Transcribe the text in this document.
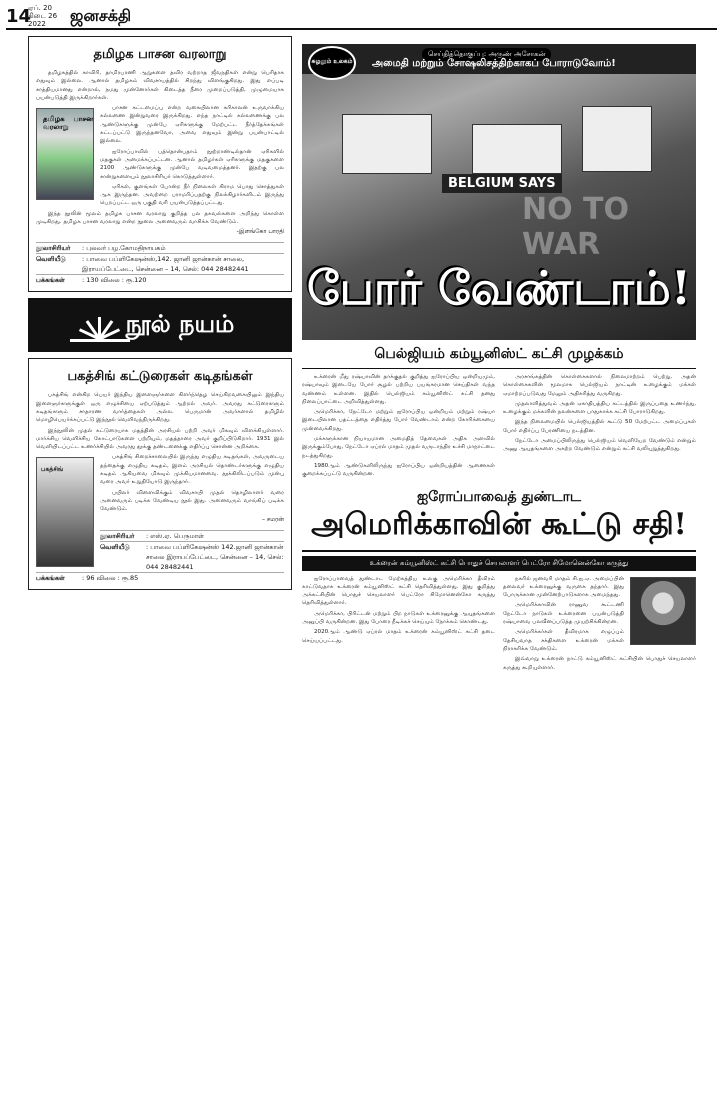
14
ஏப். 20
கிடை 26
2022	ஜனசக்தி
தமிழக பாசன வரலாறு

தமிழகத்தில் காவிரி, தாமிரபரணி ஆறுகளை தவிர வற்றாத ஜீவநதிகள் என்று பெரிதாக எதுவும் இல்லை. ஆனால் தமிழகம் விவசாயத்தில் சிறந்து விளங்குகிறது. இது எப்படி சாத்தியமானது என்றால், நமது முன்னோர்கள் கிடைத்த நீரை முறைப்படுத்தி, முழுமையாக பயன்படுத்தி இருக்கிறார்கள்.

தமிழக பாசன வரலாறு

பாசன கட்டமைப்பு என்ற வகையிலான கரிகாலன் உருவாக்கிய கல்லணை இன்றுவரை இருக்கிறது. எந்த நாட்டில் கல்லணைக்கு பல ஆண்டுகளுக்கு முன்பே ஏரிகளுக்கு மேற்பட்ட நீர்த்தேக்கங்கள் கட்டப்பட்டு இருந்தனவோ, அவை எதுவும் இன்று பயன்பாட்டில் இல்லை.

ஐரோப்பாவில் பத்தொன்பதாம் நூற்றாண்டில்தான் ஏரிகளில் மதகுகள் அமைக்கப்பட்டன. ஆனால் தமிழர்கள் ஏரிகளுக்கு மதகுகளை 2100 ஆண்டுகளுக்கு முன்பே வடிவமைத்தனர். இதற்கு பல சான்றுகளையும் நூலாசிரியர் கொடுத்துள்ளார்.

ஏரிகள், குளங்கள் போன்ற நீர் நிலைகள் கிராம பொது சொத்துகள் ஆக இருந்தன. அவற்றை பராமரிப்பதற்கு நிலக்கிழார்களிடம் இருந்து பெறப்பட்ட ஒரு பகுதி வரி பயன்படுத்தப்பட்டது.

இந்த நூலின் மூலம் தமிழக பாசன வரலாறு குறித்த பல தகவல்களை அறிந்து கொள்ள முடிகிறது. தமிழக பாசன வரலாறு என்ற நூலை அனைவரும் வாசிக்க வேண்டும்.

-இளங்கோ பாரதி
நூலாசிரியர்	: புலவர் பழ.கோமதிநாயகம்
வெளியீடு	: பாவை பப்ளிகேஷன்ஸ்,142. ஜானி ஜான்கான் சாலை, இராயப்பேட்டை, சென்னை – 14, செல்: 044 28482441
பக்கங்கள்	: 130 விலை : ரூ.120
நூல் நயம்
பகத்சிங் கட்டுரைகள் கடிதங்கள்

பகத்சிங் என்கிற பெயர் இந்திய இளைஞர்களை கிளர்ந்தெழ செய்கிறவகையிலும் இந்திய இளைஞர்களுக்குள் ஒரு எழுச்சியை ஏற்படுத்தும் ஆற்றல் அவர். அவரது கட்டுரைகளும் கடிதங்களும் சாதாரண வார்த்தைகள் அல்ல. பெருமான் அவர்களால் தமிழில் மொழிபெயர்க்கப்பட்டு இந்நூல் வெளிவந்திருக்கிறது.

இந்நூலின் முதல் கட்டுரையாக மதத்தின் அரசியல் பற்றி அவர் மிகவும் விளக்கியுள்ளார். மார்க்சிய வெளிச்சிய கோட்பாடுகளை பற்றியும், மதத்தாரை அவர் குறிப்பிடுகிறார். 1931 இல் வெளியிடப்பட்ட உணர்ச்சியில் அவரது தூக்கு தண்டனைக்கு எதிர்ப்பு சொன்ன அறிக்கை.

பகத்சிங்

பகத்சிங் சிறைச்சாலையில் இருந்து எழுதிய கடிதங்கள், அவருடைய தந்தைக்கு எழுதிய கடிதம், இளம் அரசியல் தொண்டர்களுக்கு எழுதிய கடிதம் ஆகியவை மிகவும் முக்கியமானவை. தூக்கிலிடப்படும் முன்பு வரை அவர் உறுதியோடு இருந்தார்.

பயிலர் விளைவிக்கும் விவசாயி முதல் தொழிலாளர் வரை அனைவரும் படிக்க வேண்டிய நூல் இது. அனைவரும் வாங்கிப் படிக்க வேண்டும்.

– சமரன்
நூலாசிரியர்	: எஸ்.ஏ. பெருமாள்
வெளியீடு	: பாவை பப்ளிகேஷன்ஸ் 142.ஜானி ஜான்கான் சாலை இராயப்பேட்டை, சென்னை – 14, செல்: 044 28482441
பக்கங்கள்	: 96 விலை : ரூ.85
செய்தித்தொகுப்பு: அருண் அசோகன்
அமைதி மற்றும் சோஷலிசத்திற்காகப் போராடுவோம்!
சுழலும் உலகம்
BELGIUM SAYS
NO TO WAR
போர் வேண்டாம்!
பெல்ஜியம் கம்யூனிஸ்ட் கட்சி முழக்கம்

உக்ரைன் மீது ரஷ்யாவின் தாக்குதல் குறித்து ஐரோப்பிய ஒன்றியமும், ரஷ்யாவும் இடையே போர் சூழல் பற்றிய பயங்கரமான செய்திகள் வந்த வண்ணம் உள்ளன. இதில் பெல்ஜியம் கம்யூனிஸ்ட் கட்சி தனது நிலைப்பாட்டை அறிவித்துள்ளது.

அமெரிக்கா, நேட்டோ மற்றும் ஐரோப்பிய ஒன்றியம் மற்றும் ரஷ்யா இடையிலான பதட்டத்தை எதிர்த்து போர் வேண்டாம் என்ற கோரிக்கையை முன்வைக்கிறது.

மக்களுக்கான நியாயமான அமைதித் தேவைகள் அதிக அளவில் இருக்கும்போது, நேட்டோ ஏப்ரல் மாதம் முதல் வருடாந்திர உச்சி மாநாட்டை நடத்துகிறது.

1980ஆம் ஆண்டுகளிலிருந்து ஐரோப்பிய ஒன்றியத்தின் ஆணைகள் குறைக்கப்பட்டு வருகின்றன.

அரசாங்கத்தின் கொள்கைகளால் நிலைமாற்றம் பெற்று, அதன் கொள்கைகளின் மூலமாக பெல்ஜியம் நாட்டின் உழைக்கும் மக்கள் ஏமாற்றப்படுவது மேலும் அதிகரித்து வருகிறது.

முதலாளித்துவம் அதன் ஏகாதிபத்திய கட்டத்தில் இருப்பதை உணர்ந்து, உழைக்கும் மக்களின் நலன்களை பாதுகாக்க கட்சி போராடுகிறது.

இந்த நிலைமையில் பெல்ஜியத்தில் கூட்டு 50 மேற்பட்ட அமைப்புகள் போர் எதிர்ப்பு பேரணியை நடத்தின.

நேட்டோ அமைப்பிலிருந்து பெல்ஜியம் வெளியேற வேண்டும் என்றும் அணு ஆயுதங்களை அகற்ற வேண்டும் என்றும் கட்சி வலியுறுத்துகிறது.

ஐரோப்பாவைத் துண்டாட
அமெரிக்காவின் கூட்டு சதி!
உக்ரைன் கம்யூனிஸ்ட் கட்சி பொதுச் செயலாளர் பெட்ரோ சிமோனென்கோ கருத்து

ஐரோப்பாவைத் துண்டாட மேற்கத்திய உலகு அமெரிக்கா தீவிரம் காட்டுவதாக உக்ரைன் கம்யூனிஸ்ட் கட்சி தெரிவித்துள்ளது. இது குறித்து அக்கட்சியின் பொதுச் செயலாளர் பெட்ரோ சிமோனென்கோ கருத்து தெரிவித்துள்ளார்.

அமெரிக்கா, பிரிட்டன் மற்றும் பிற நாடுகள் உக்ரைனுக்கு ஆயுதங்களை அனுப்பி வருகின்றன. இது போரை நீடிக்கச் செய்யும் நோக்கம் கொண்டது.

2020ஆம் ஆண்டு ஏப்ரல் மாதம் உக்ரைன் கம்யூனிஸ்ட் கட்சி தடை செய்யப்பட்டது.

நகரில் ஜனவரி மாதம் சி.ஐ.ஏ. அமைப்பின் தலைவர் உக்ரைனுக்கு வருகை தந்தார். இது போருக்கான முன்னேற்பாடுகளாக அமைந்தது.

அமெரிக்காவின் ராணுவ கூட்டணி நேட்டோ நாடுகள் உக்ரைனை பயன்படுத்தி ரஷ்யாவை பலவீனப்படுத்த முயற்சிக்கின்றன.

அமெரிக்கர்கள் தீவிரமாக எழுப்பும் தேசியவாத சக்திகளை உக்ரைன் மக்கள் நிராகரிக்க வேண்டும்.

இவ்வாறு உக்ரைன் நாட்டு கம்யூனிஸ்ட் கட்சியின் பொதுச் செயலாளர் கருத்து கூறியுள்ளார்.
